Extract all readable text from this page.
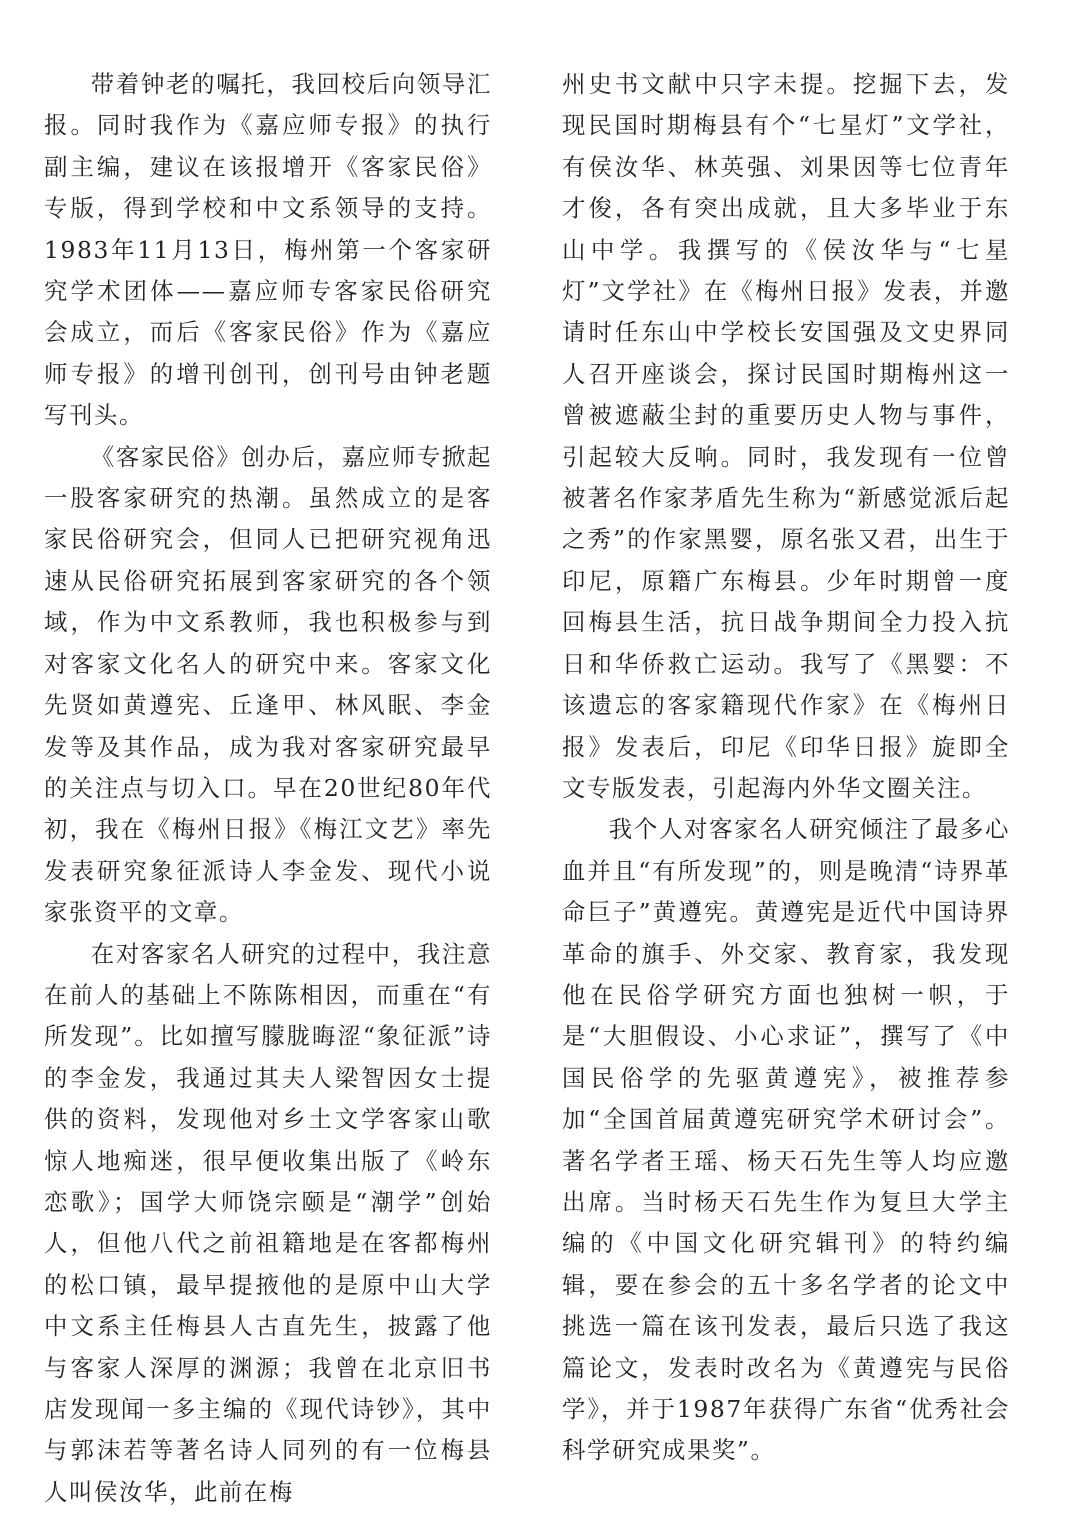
带着钟老的嘱托，我回校后向领导汇报。同时我作为《嘉应师专报》的执行副主编，建议在该报增开《客家民俗》专版，得到学校和中文系领导的支持。1983年11月13日，梅州第一个客家研究学术团体——嘉应师专客家民俗研究会成立，而后《客家民俗》作为《嘉应师专报》的增刊创刊，创刊号由钟老题写刊头。

《客家民俗》创办后，嘉应师专掀起一股客家研究的热潮。虽然成立的是客家民俗研究会，但同人已把研究视角迅速从民俗研究拓展到客家研究的各个领域，作为中文系教师，我也积极参与到对客家文化名人的研究中来。客家文化先贤如黄遵宪、丘逢甲、林风眠、李金发等及其作品，成为我对客家研究最早的关注点与切入口。早在20世纪80年代初，我在《梅州日报》《梅江文艺》率先发表研究象征派诗人李金发、现代小说家张资平的文章。

在对客家名人研究的过程中，我注意在前人的基础上不陈陈相因，而重在“有所发现”。比如擅写朦胧晦涩“象征派”诗的李金发，我通过其夫人梁智因女士提供的资料，发现他对乡土文学客家山歌惊人地痴迷，很早便收集出版了《岭东恋歌》；国学大师饶宗颐是“潮学”创始人，但他八代之前祖籍地是在客都梅州的松口镇，最早提掖他的是原中山大学中文系主任梅县人古直先生，披露了他与客家人深厚的渊源；我曾在北京旧书店发现闻一多主编的《现代诗钞》，其中与郭沫若等著名诗人同列的有一位梅县人叫侯汝华，此前在梅

州史书文献中只字未提。挖掘下去，发现民国时期梅县有个“七星灯”文学社，有侯汝华、林英强、刘果因等七位青年才俊，各有突出成就，且大多毕业于东山中学。我撰写的《侯汝华与“七星灯”文学社》在《梅州日报》发表，并邀请时任东山中学校长安国强及文史界同人召开座谈会，探讨民国时期梅州这一曾被遮蔽尘封的重要历史人物与事件，引起较大反响。同时，我发现有一位曾被著名作家茅盾先生称为“新感觉派后起之秀”的作家黑婴，原名张又君，出生于印尼，原籍广东梅县。少年时期曾一度回梅县生活，抗日战争期间全力投入抗日和华侨救亡运动。我写了《黑婴：不该遗忘的客家籍现代作家》在《梅州日报》发表后，印尼《印华日报》旋即全文专版发表，引起海内外华文圈关注。

我个人对客家名人研究倾注了最多心血并且“有所发现”的，则是晚清“诗界革命巨子”黄遵宪。黄遵宪是近代中国诗界革命的旗手、外交家、教育家，我发现他在民俗学研究方面也独树一帜，于是“大胆假设、小心求证”，撰写了《中国民俗学的先驱黄遵宪》，被推荐参加“全国首届黄遵宪研究学术研讨会”。著名学者王瑶、杨天石先生等人均应邀出席。当时杨天石先生作为复旦大学主编的《中国文化研究辑刊》的特约编辑，要在参会的五十多名学者的论文中挑选一篇在该刊发表，最后只选了我这篇论文，发表时改名为《黄遵宪与民俗学》，并于1987年获得广东省“优秀社会科学研究成果奖”。
